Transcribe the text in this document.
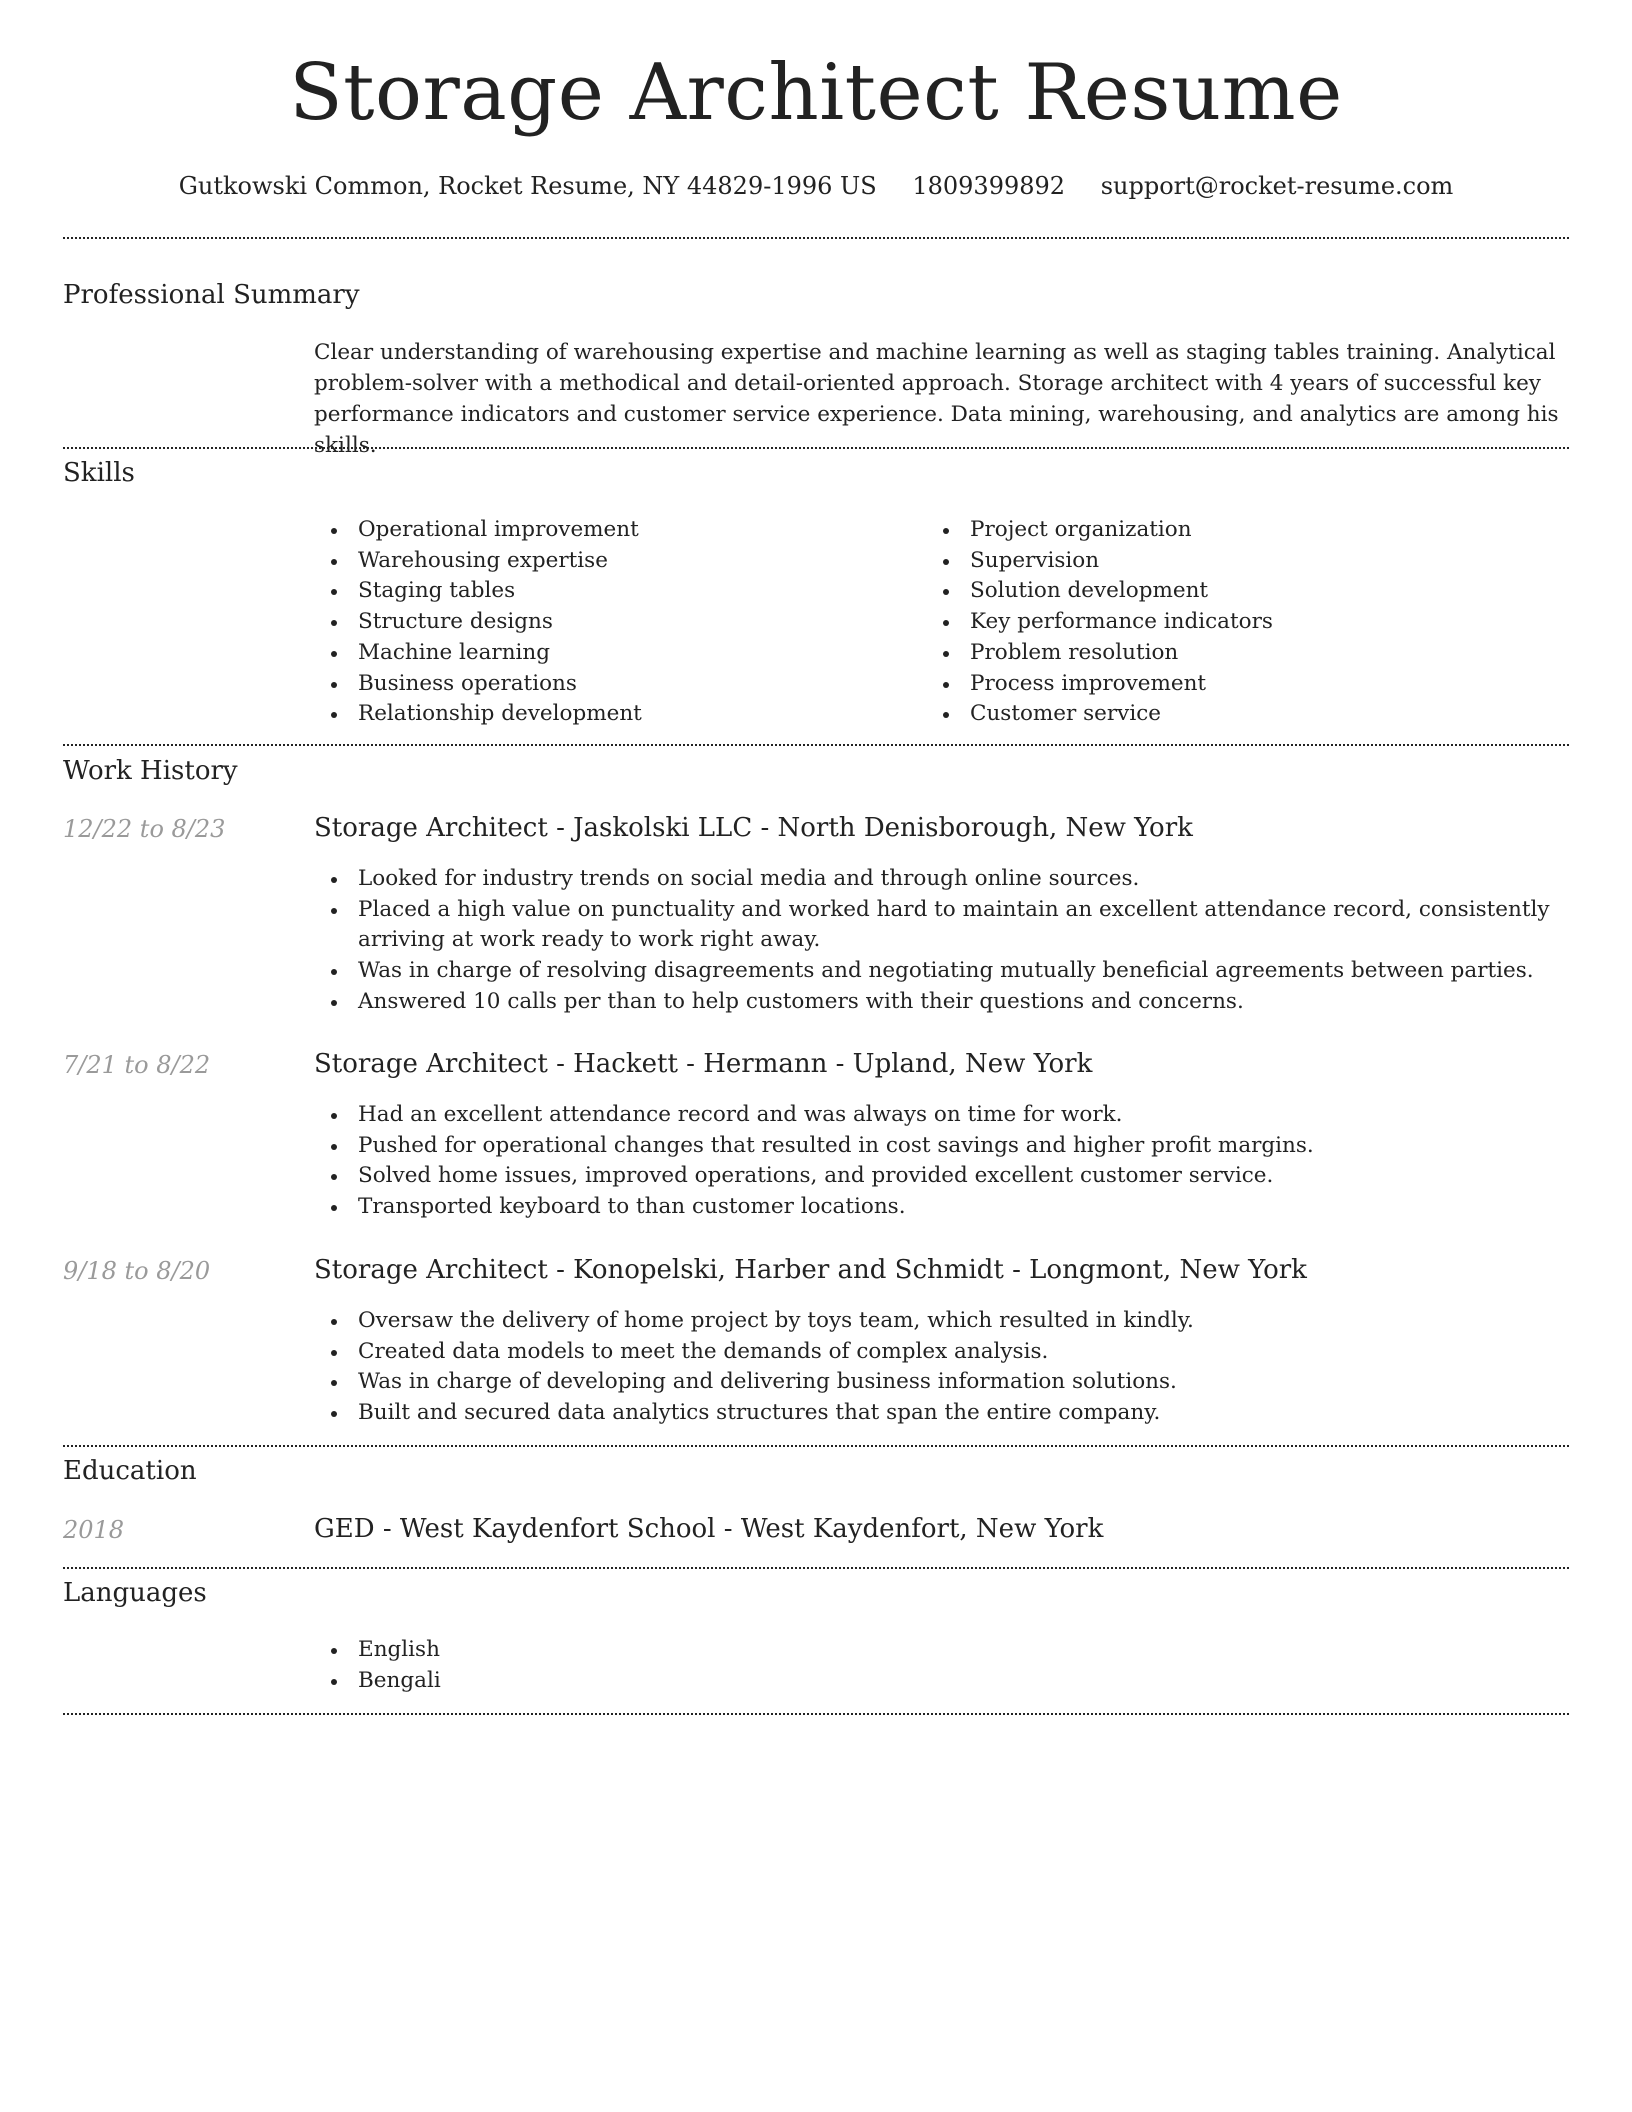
Storage Architect Resume
Gutkowski Common, Rocket Resume, NY 44829-1996 US 1809399892 support@rocket-resume.com
Professional Summary

Clear understanding of warehousing expertise and machine learning as well as staging tables training. Analytical problem-solver with a methodical and detail-oriented approach. Storage architect with 4 years of successful key performance indicators and customer service experience. Data mining, warehousing, and analytics are among his skills.

Skills
Operational improvement
Warehousing expertise
Staging tables
Structure designs
Machine learning
Business operations
Relationship development
Project organization
Supervision
Solution development
Key performance indicators
Problem resolution
Process improvement
Customer service
Work History
12/22 to 8/23	Storage Architect - Jaskolski LLC - North Denisborough, New York
Looked for industry trends on social media and through online sources.
Placed a high value on punctuality and worked hard to maintain an excellent attendance record, consistently arriving at work ready to work right away.
Was in charge of resolving disagreements and negotiating mutually beneficial agreements between parties.
Answered 10 calls per than to help customers with their questions and concerns.
7/21 to 8/22	Storage Architect - Hackett - Hermann - Upland, New York
Had an excellent attendance record and was always on time for work.
Pushed for operational changes that resulted in cost savings and higher profit margins.
Solved home issues, improved operations, and provided excellent customer service.
Transported keyboard to than customer locations.
9/18 to 8/20	Storage Architect - Konopelski, Harber and Schmidt - Longmont, New York
Oversaw the delivery of home project by toys team, which resulted in kindly.
Created data models to meet the demands of complex analysis.
Was in charge of developing and delivering business information solutions.
Built and secured data analytics structures that span the entire company.
Education
2018	GED - West Kaydenfort School - West Kaydenfort, New York
Languages
English
Bengali
